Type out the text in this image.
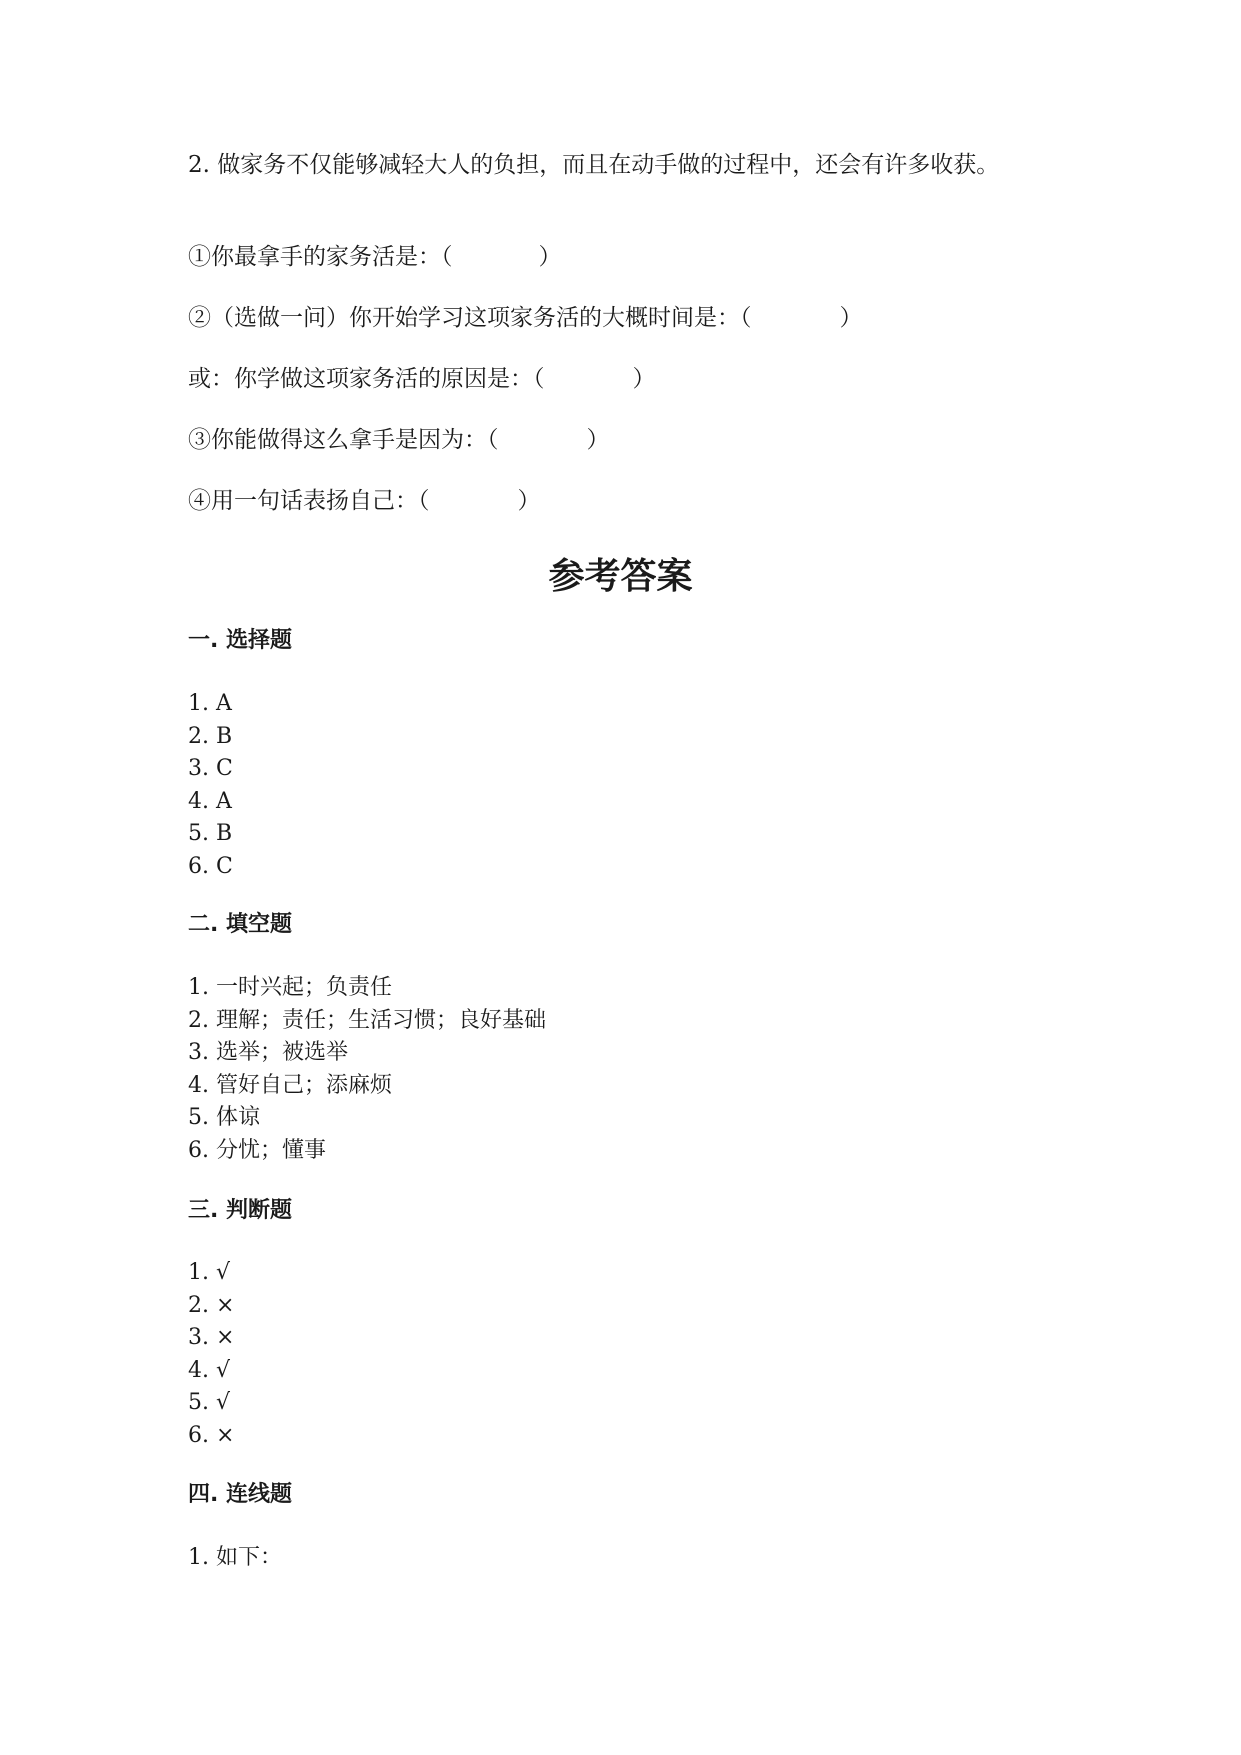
2. 做家务不仅能够减轻大人的负担，而且在动手做的过程中，还会有许多收获。
①你最拿手的家务活是：（	）
②（选做一问）你开始学习这项家务活的大概时间是：（	）
或：你学做这项家务活的原因是：（	）
③你能做得这么拿手是因为：（	）
④用一句话表扬自己：（	）
参考答案
一. 选择题
1. A
2. B
3. C
4. A
5. B
6. C
二. 填空题
1. 一时兴起；负责任
2. 理解；责任；生活习惯；良好基础
3. 选举；被选举
4. 管好自己；添麻烦
5. 体谅
6. 分忧；懂事
三. 判断题
1. √
2. ×
3. ×
4. √
5. √
6. ×
四. 连线题
1. 如下：
